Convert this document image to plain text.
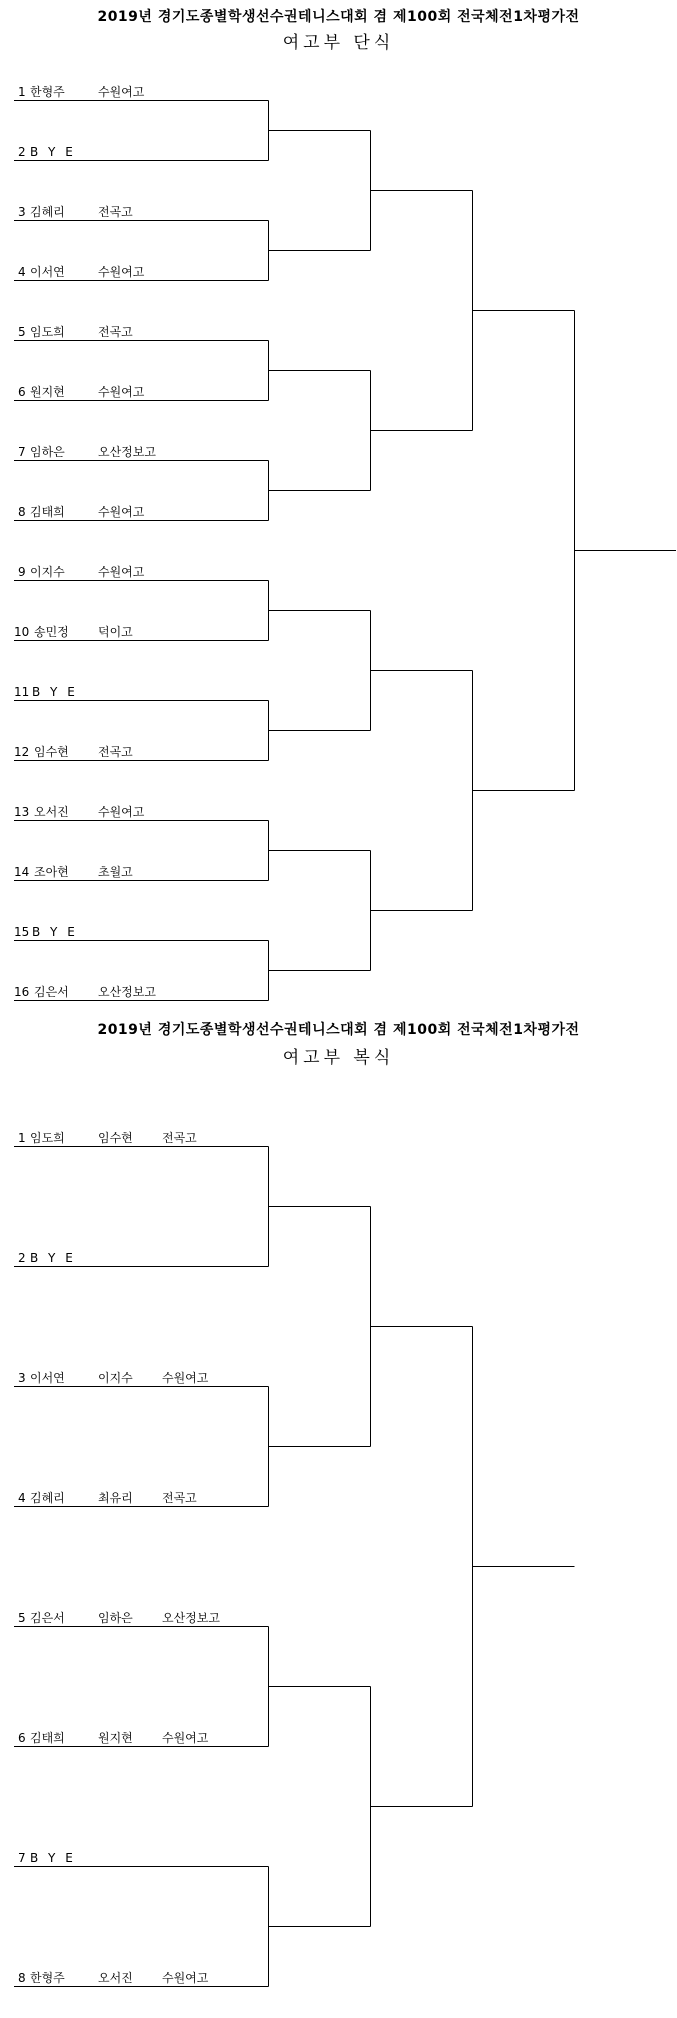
2019년 경기도종별학생선수권테니스대회 겸 제100회 전국체전1차평가전
여고부 단식
1 한형주	수원여고
2 B Y E
3 김혜리	전곡고
4 이서연	수원여고
5 임도희	전곡고
6 원지현	수원여고
7 임하은	오산정보고
8 김태희	수원여고
9 이지수	수원여고
10 송민정 덕이고
11 B Y E
12 임수현 전곡고
13 오서진 수원여고
14 조아현 초월고
15 B Y E
16 김은서 오산정보고
2019년 경기도종별학생선수권테니스대회 겸 제100회 전국체전1차평가전
여고부 복식
1 임도희	임수현 전곡고
2 B Y E
3 이서연	이지수 수원여고
4 김혜리	최유리 전곡고
5 김은서	임하은 오산정보고
6 김태희	원지현 수원여고
7 B Y E
8 한형주	오서진 수원여고
